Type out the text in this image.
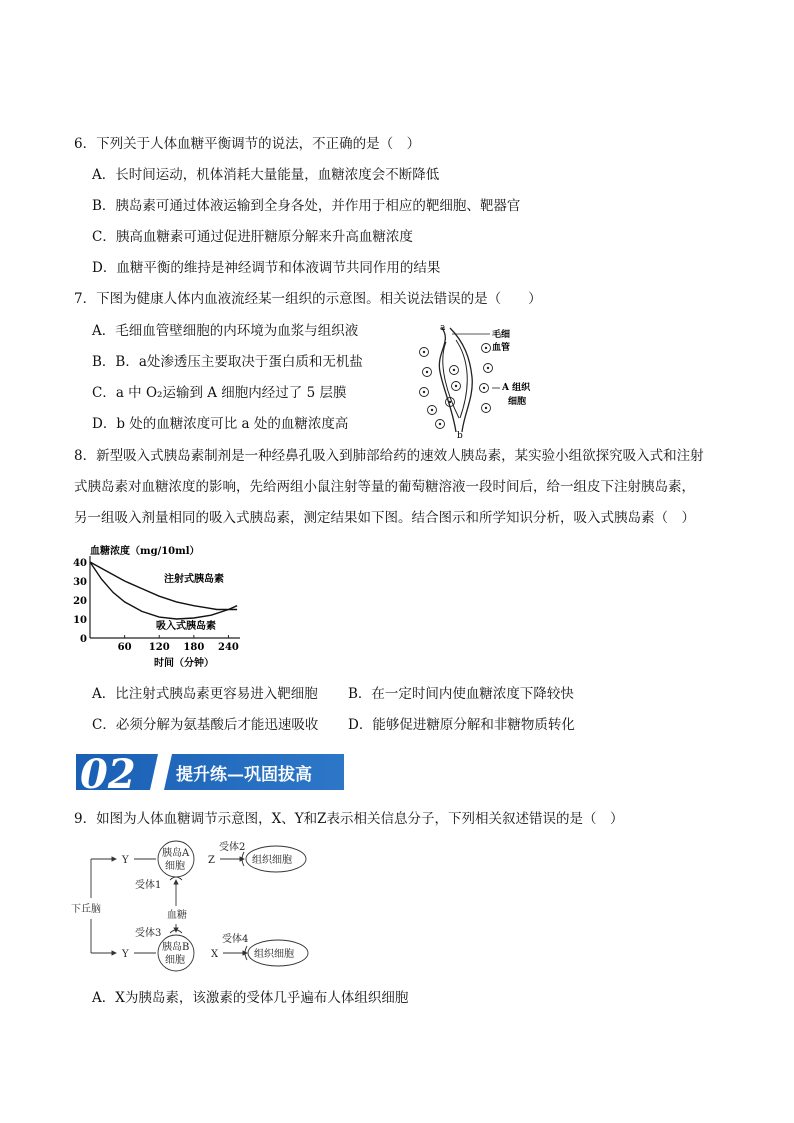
6．下列关于人体血糖平衡调节的说法，不正确的是（　）
A．长时间运动，机体消耗大量能量，血糖浓度会不断降低
B．胰岛素可通过体液运输到全身各处，并作用于相应的靶细胞、靶器官
C．胰高血糖素可通过促进肝糖原分解来升高血糖浓度
D．血糖平衡的维持是神经调节和体液调节共同作用的结果
7．下图为健康人体内血液流经某一组织的示意图。相关说法错误的是（　　）
A．毛细血管壁细胞的内环境为血浆与组织液
B．B．a处渗透压主要取决于蛋白质和无机盐
C．a 中 O₂运输到 A 细胞内经过了 5 层膜
D．b 处的血糖浓度可比 a 处的血糖浓度高
a
b
毛细
血管
A 组织
细胞
8．新型吸入式胰岛素制剂是一种经鼻孔吸入到肺部给药的速效人胰岛素，某实验小组欲探究吸入式和注射
式胰岛素对血糖浓度的影响，先给两组小鼠注射等量的葡萄糖溶液一段时间后，给一组皮下注射胰岛素，
另一组吸入剂量相同的吸入式胰岛素，测定结果如下图。结合图示和所学知识分析，吸入式胰岛素（　）
血糖浓度（mg/10ml）
时间（分钟）
60 120 180 240
0
10
20
30
40
注射式胰岛素
吸入式胰岛素
A．比注射式胰岛素更容易进入靶细胞 B．在一定时间内使血糖浓度下降较快
C．必须分解为氨基酸后才能迅速吸收 D．能够促进糖原分解和非糖物质转化
02 提升练—巩固拔高
9．如图为人体血糖调节示意图，X、Y和Z表示相关信息分子，下列相关叙述错误的是（　）
下丘脑
Y
Y
胰岛A
细胞
胰岛B
细胞
Z
X
受体1
受体2
受体3
受体4
组织细胞
组织细胞
血糖
A．X为胰岛素，该激素的受体几乎遍布人体组织细胞
